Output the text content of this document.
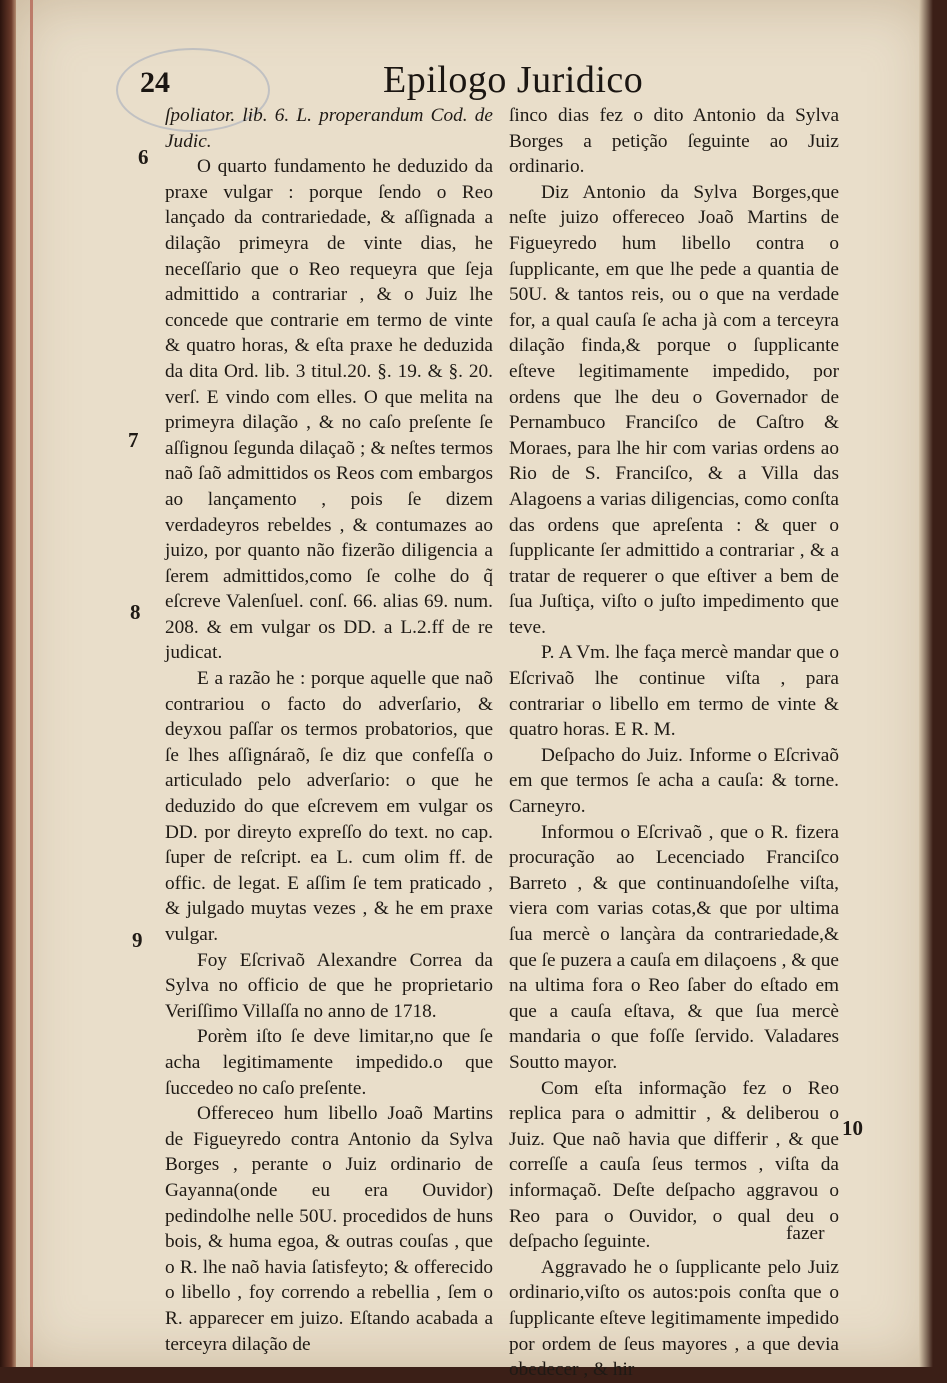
24	Epilogo Juridico
6
7
8
9
10

ſpoliator. lib. 6. L. properandum Cod. de Judic.

O quarto fundamento he deduzido da praxe vulgar : porque ſendo o Reo lançado da contrariedade, & aſſignada a dilação primeyra de vinte dias, he neceſſario que o Reo requeyra que ſeja admittido a contrariar , & o Juiz lhe concede que contrarie em termo de vinte & quatro horas, & eſta praxe he deduzida da dita Ord. lib. 3 titul.20. §. 19. & §. 20. verſ. E vindo com elles. O que melita na primeyra dilação , & no caſo preſente ſe aſſignou ſegunda dilaçaõ ; & neſtes termos naõ ſaõ admittidos os Reos com embargos ao lançamento , pois ſe dizem verdadeyros rebeldes , & contumazes ao juizo, por quanto não fizerão diligencia a ſerem admittidos,como ſe colhe do q̃ eſcreve Valenſuel. conſ. 66. alias 69. num. 208. & em vulgar os DD. a L.2.ff de re judicat.

E a razão he : porque aquelle que naõ contrariou o facto do adverſario, & deyxou paſſar os termos probatorios, que ſe lhes aſſignáraõ, ſe diz que confeſſa o articulado pelo adverſario: o que he deduzido do que eſcrevem em vulgar os DD. por direyto expreſſo do text. no cap. ſuper de reſcript. ea L. cum olim ff. de offic. de legat. E aſſim ſe tem praticado , & julgado muytas vezes , & he em praxe vulgar.

Foy Eſcrivaõ Alexandre Correa da Sylva no officio de que he proprietario Veriſſimo Villaſſa no anno de 1718.

Porèm iſto ſe deve limitar,no que ſe acha legitimamente impedido.o que ſuccedeo no caſo preſente.

Offereceo hum libello Joaõ Martins de Figueyredo contra Antonio da Sylva Borges , perante o Juiz ordinario de Gayanna(onde eu era Ouvidor) pedindolhe nelle 50U. procedidos de huns bois, & huma egoa, & outras couſas , que o R. lhe naõ havia ſatisfeyto; & offerecido o libello , foy correndo a rebellia , ſem o R. apparecer em juizo. Eſtando acabada a terceyra dilação de

ſinco dias fez o dito Antonio da Sylva Borges a petição ſeguinte ao Juiz ordinario.

Diz Antonio da Sylva Borges,que neſte juizo offereceo Joaõ Martins de Figueyredo hum libello contra o ſupplicante, em que lhe pede a quantia de 50U. & tantos reis, ou o que na verdade for, a qual cauſa ſe acha jà com a terceyra dilação finda,& porque o ſupplicante eſteve legitimamente impedido, por ordens que lhe deu o Governador de Pernambuco Franciſco de Caſtro & Moraes, para lhe hir com varias ordens ao Rio de S. Franciſco, & a Villa das Alagoens a varias diligencias, como conſta das ordens que apreſenta : & quer o ſupplicante ſer admittido a contrariar , & a tratar de requerer o que eſtiver a bem de ſua Juſtiça, viſto o juſto impedimento que teve.

P. A Vm. lhe faça mercè mandar que o Eſcrivaõ lhe continue viſta , para contrariar o libello em termo de vinte & quatro horas. E R. M.

Deſpacho do Juiz. Informe o Eſcrivaõ em que termos ſe acha a cauſa: & torne. Carneyro.

Informou o Eſcrivaõ , que o R. fizera procuração ao Lecenciado Franciſco Barreto , & que continuandoſelhe viſta, viera com varias cotas,& que por ultima ſua mercè o lançàra da contrariedade,& que ſe puzera a cauſa em dilaçoens , & que na ultima fora o Reo ſaber do eſtado em que a cauſa eſtava, & que ſua mercè mandaria o que foſſe ſervido. Valadares Soutto mayor.

Com eſta informação fez o Reo replica para o admittir , & deliberou o Juiz. Que naõ havia que differir , & que correſſe a cauſa ſeus termos , viſta da informaçaõ. Deſte deſpacho aggravou o Reo para o Ouvidor, o qual deu o deſpacho ſeguinte.

Aggravado he o ſupplicante pelo Juiz ordinario,viſto os autos:pois conſta que o ſupplicante eſteve legitimamente impedido por ordem de ſeus mayores , a que devia obedecer , & hir

fazer
